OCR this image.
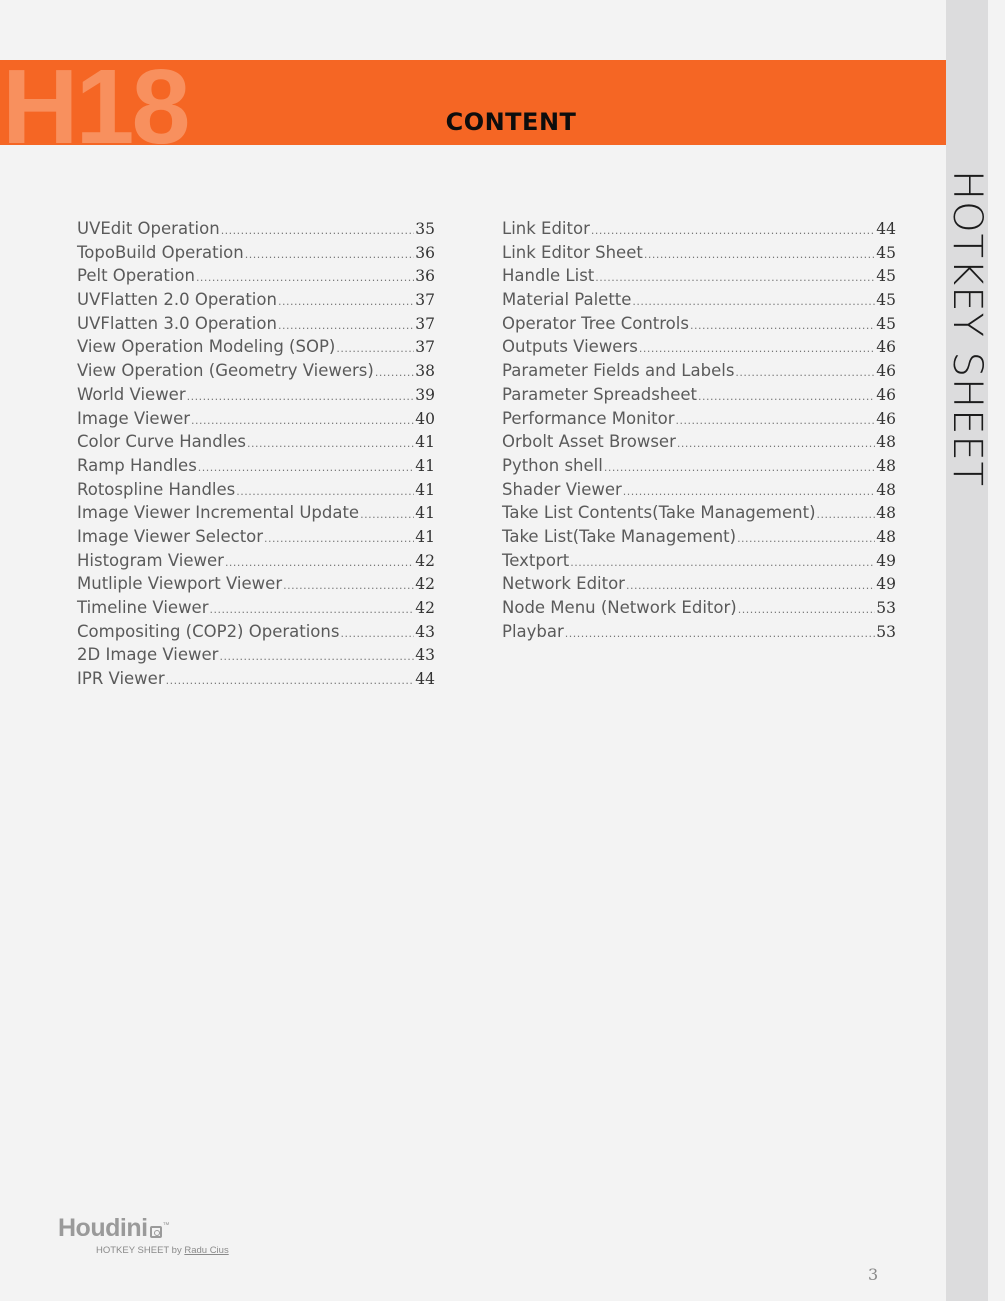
HOTKEY SHEET
H18	CONTENT
UVEdit Operation .....	35
TopoBuild Operation .....	36
Pelt Operation .....	36
UVFlatten 2.0 Operation .....	37
UVFlatten 3.0 Operation .....	37
View Operation Modeling (SOP) .....	37
View Operation (Geometry Viewers) .....	38
World Viewer .....	39
Image Viewer .....	40
Color Curve Handles .....	41
Ramp Handles .....	41
Rotospline Handles .....	41
Image Viewer Incremental Update .....	41
Image Viewer Selector .....	41
Histogram Viewer .....	42
Mutliple Viewport Viewer .....	42
Timeline Viewer .....	42
Compositing (COP2) Operations .....	43
2D Image Viewer .....	43
IPR Viewer .....	44
Link Editor .....	44
Link Editor Sheet .....	45
Handle List .....	45
Material Palette .....	45
Operator Tree Controls .....	45
Outputs Viewers .....	46
Parameter Fields and Labels .....	46
Parameter Spreadsheet .....	46
Performance Monitor .....	46
Orbolt Asset Browser .....	48
Python shell .....	48
Shader Viewer .....	48
Take List Contents(Take Management) .....	48
Take List(Take Management) .....	48
Textport .....	49
Network Editor .....	49
Node Menu (Network Editor) .....	53
Playbar .....	53
Houdini ™
HOTKEY SHEET by Radu Cius
3
